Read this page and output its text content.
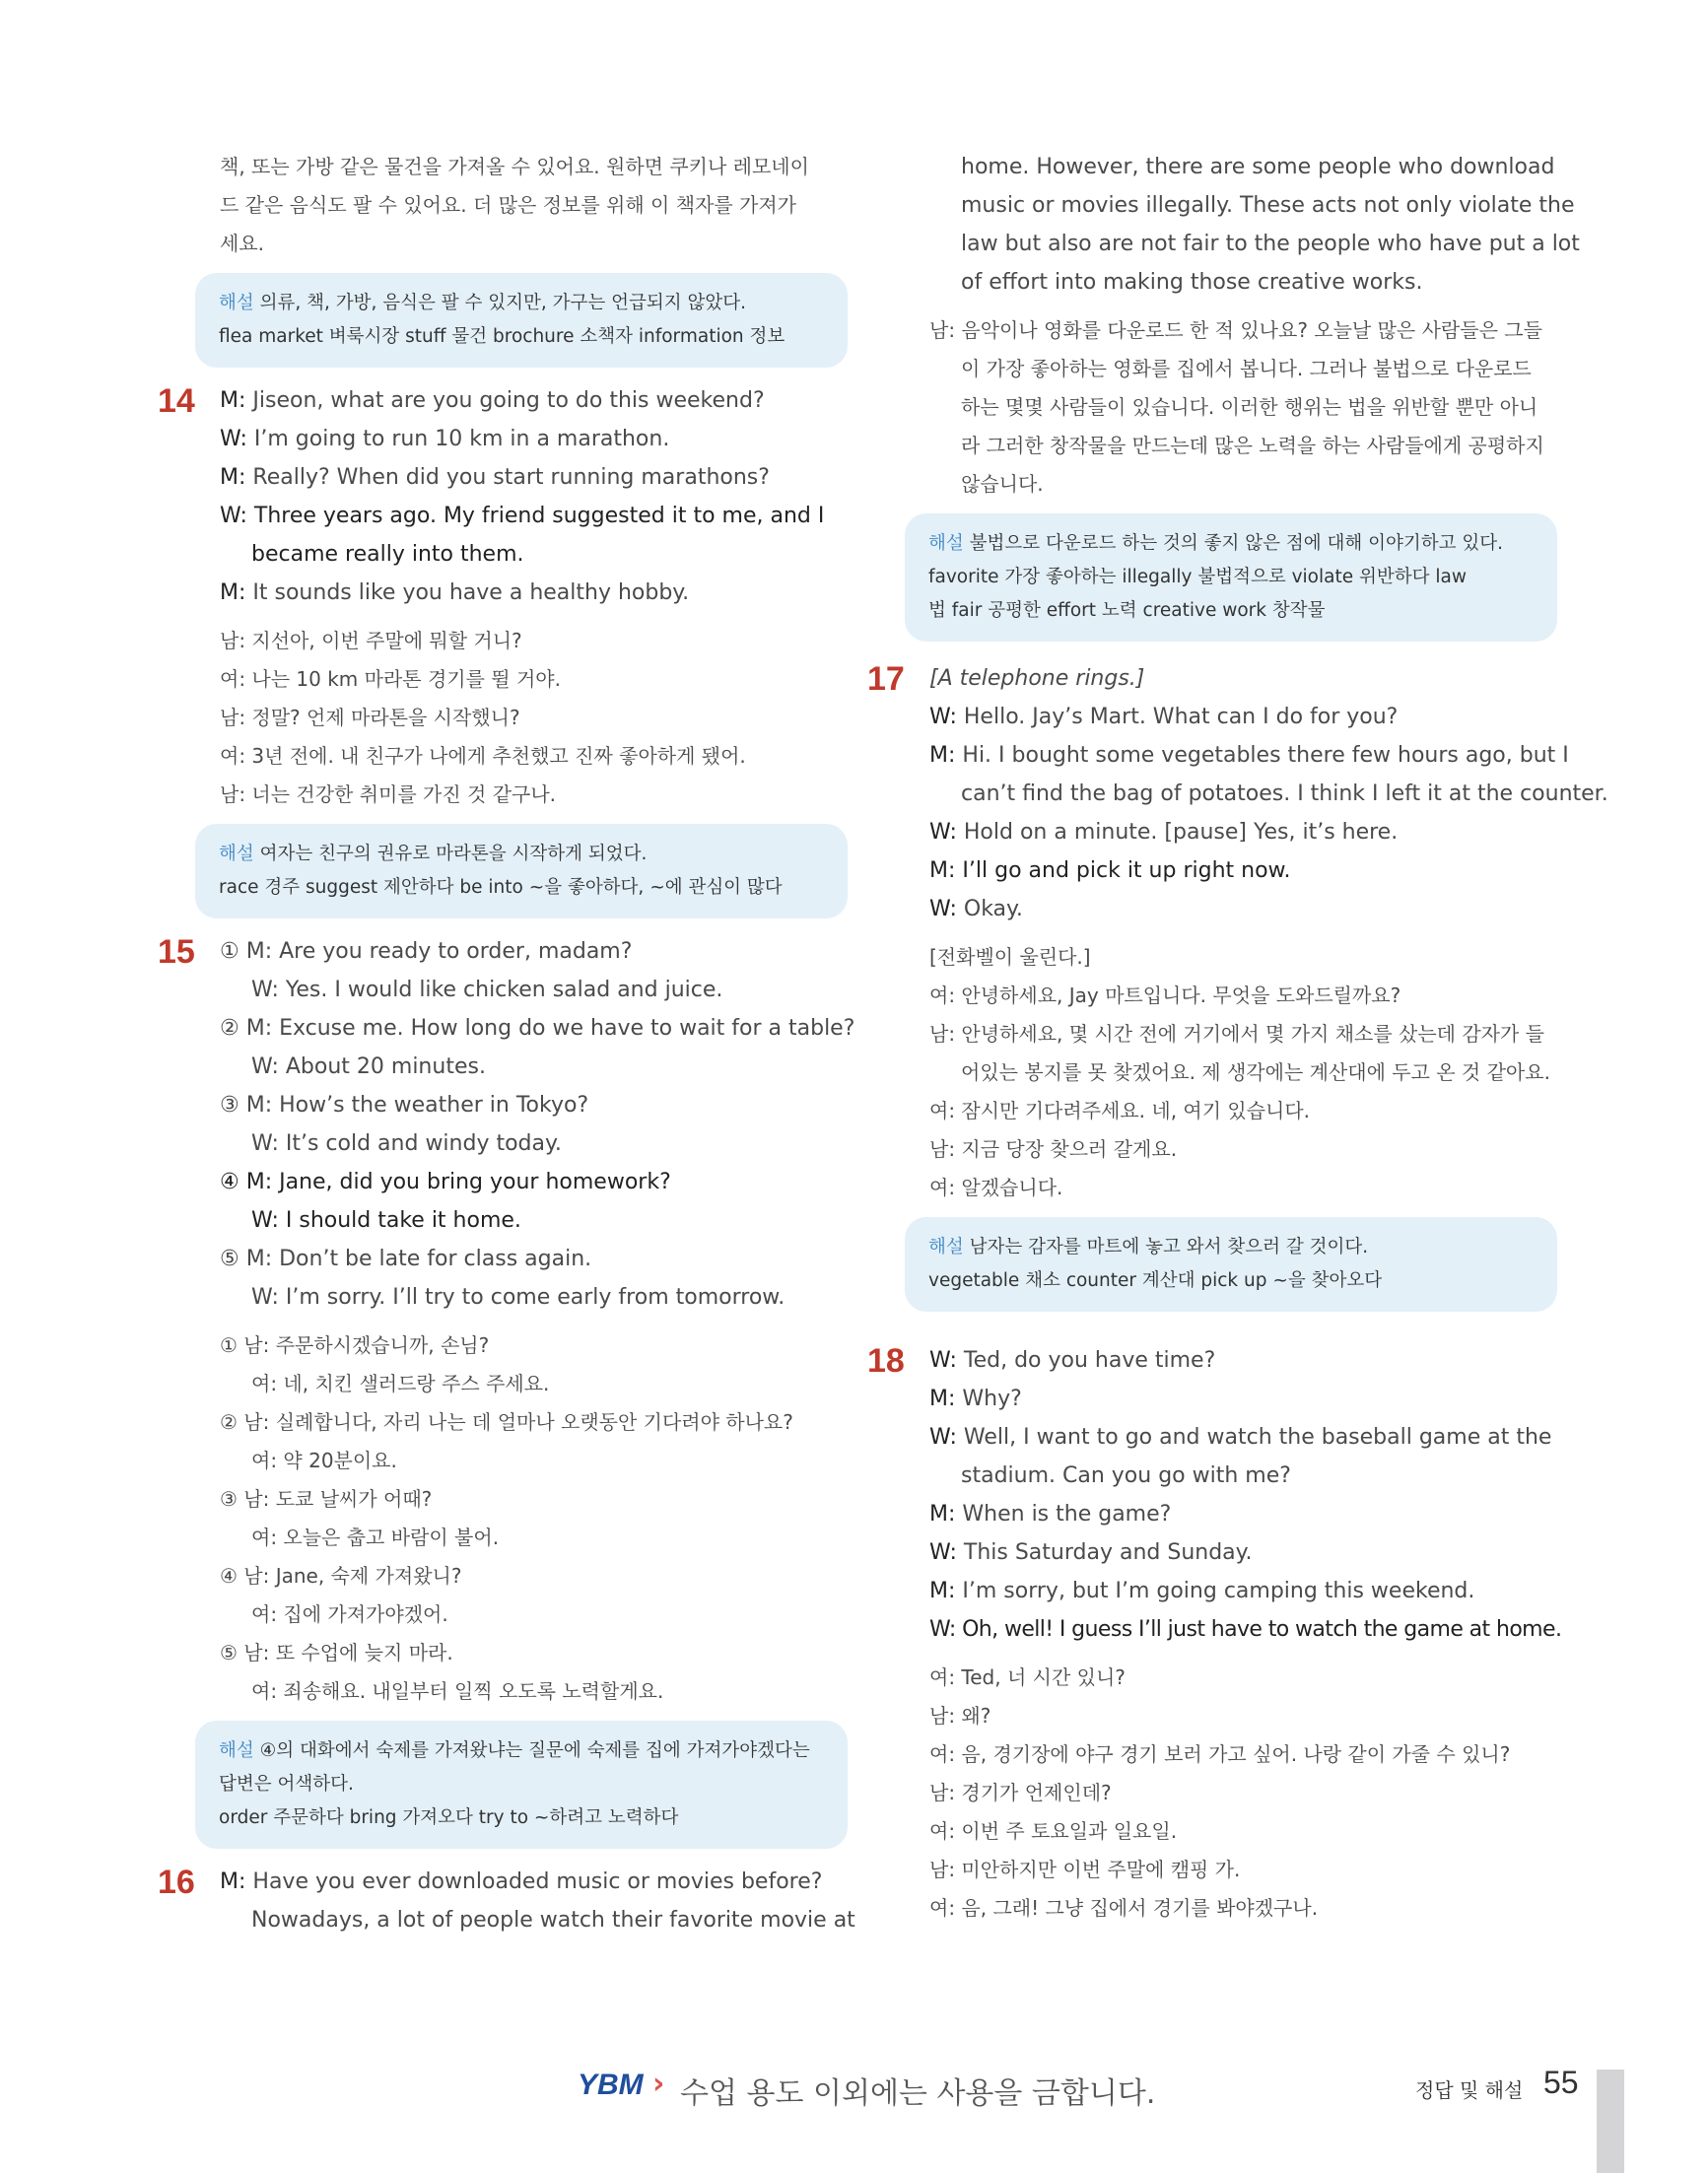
책, 또는 가방 같은 물건을 가져올 수 있어요. 원하면 쿠키나 레모네이
드 같은 음식도 팔 수 있어요. 더 많은 정보를 위해 이 책자를 가져가
세요.
해설 의류, 책, 가방, 음식은 팔 수 있지만, 가구는 언급되지 않았다.
flea market 벼룩시장 stuff 물건 brochure 소책자 information 정보
14 M: Jiseon, what are you going to do this weekend?
W: I’m going to run 10 km in a marathon.
M: Really? When did you start running marathons?
W: Three years ago. My friend suggested it to me, and I
became really into them.
M: It sounds like you have a healthy hobby.
남: 지선아, 이번 주말에 뭐할 거니?
여: 나는 10 km 마라톤 경기를 뛸 거야.
남: 정말? 언제 마라톤을 시작했니?
여: 3년 전에. 내 친구가 나에게 추천했고 진짜 좋아하게 됐어.
남: 너는 건강한 취미를 가진 것 같구나.
해설 여자는 친구의 권유로 마라톤을 시작하게 되었다.
race 경주 suggest 제안하다 be into ~을 좋아하다, ~에 관심이 많다
15 ① M: Are you ready to order, madam?
W: Yes. I would like chicken salad and juice.
② M: Excuse me. How long do we have to wait for a table?
W: About 20 minutes.
③ M: How’s the weather in Tokyo?
W: It’s cold and windy today.
④ M: Jane, did you bring your homework?
W: I should take it home.
⑤ M: Don’t be late for class again.
W: I’m sorry. I’ll try to come early from tomorrow.
① 남: 주문하시겠습니까, 손님?
여: 네, 치킨 샐러드랑 주스 주세요.
② 남: 실례합니다, 자리 나는 데 얼마나 오랫동안 기다려야 하나요?
여: 약 20분이요.
③ 남: 도쿄 날씨가 어때?
여: 오늘은 춥고 바람이 불어.
④ 남: Jane, 숙제 가져왔니?
여: 집에 가져가야겠어.
⑤ 남: 또 수업에 늦지 마라.
여: 죄송해요. 내일부터 일찍 오도록 노력할게요.
해설 ④의 대화에서 숙제를 가져왔냐는 질문에 숙제를 집에 가져가야겠다는
답변은 어색하다.
order 주문하다 bring 가져오다 try to ~하려고 노력하다
16 M: Have you ever downloaded music or movies before?
Nowadays, a lot of people watch their favorite movie at
home. However, there are some people who download
music or movies illegally. These acts not only violate the
law but also are not fair to the people who have put a lot
of effort into making those creative works.
남: 음악이나 영화를 다운로드 한 적 있나요? 오늘날 많은 사람들은 그들
이 가장 좋아하는 영화를 집에서 봅니다. 그러나 불법으로 다운로드
하는 몇몇 사람들이 있습니다. 이러한 행위는 법을 위반할 뿐만 아니
라 그러한 창작물을 만드는데 많은 노력을 하는 사람들에게 공평하지
않습니다.
해설 불법으로 다운로드 하는 것의 좋지 않은 점에 대해 이야기하고 있다.
favorite 가장 좋아하는 illegally 불법적으로 violate 위반하다 law
법 fair 공평한 effort 노력 creative work 창작물
17 [A telephone rings.]
W: Hello. Jay’s Mart. What can I do for you?
M: Hi. I bought some vegetables there few hours ago, but I
can’t find the bag of potatoes. I think I left it at the counter.
W: Hold on a minute. [pause] Yes, it’s here.
M: I’ll go and pick it up right now.
W: Okay.
[전화벨이 울린다.]
여: 안녕하세요, Jay 마트입니다. 무엇을 도와드릴까요?
남: 안녕하세요, 몇 시간 전에 거기에서 몇 가지 채소를 샀는데 감자가 들
어있는 봉지를 못 찾겠어요. 제 생각에는 계산대에 두고 온 것 같아요.
여: 잠시만 기다려주세요. 네, 여기 있습니다.
남: 지금 당장 찾으러 갈게요.
여: 알겠습니다.
해설 남자는 감자를 마트에 놓고 와서 찾으러 갈 것이다.
vegetable 채소 counter 계산대 pick up ~을 찾아오다
18 W: Ted, do you have time?
M: Why?
W: Well, I want to go and watch the baseball game at the
stadium. Can you go with me?
M: When is the game?
W: This Saturday and Sunday.
M: I’m sorry, but I’m going camping this weekend.
W: Oh, well! I guess I’ll just have to watch the game at home.
여: Ted, 너 시간 있니?
남: 왜?
여: 음, 경기장에 야구 경기 보러 가고 싶어. 나랑 같이 가줄 수 있니?
남: 경기가 언제인데?
여: 이번 주 토요일과 일요일.
남: 미안하지만 이번 주말에 캠핑 가.
여: 음, 그래! 그냥 집에서 경기를 봐야겠구나.
YBM › 수업 용도 이외에는 사용을 금합니다.	정답 및 해설 55
